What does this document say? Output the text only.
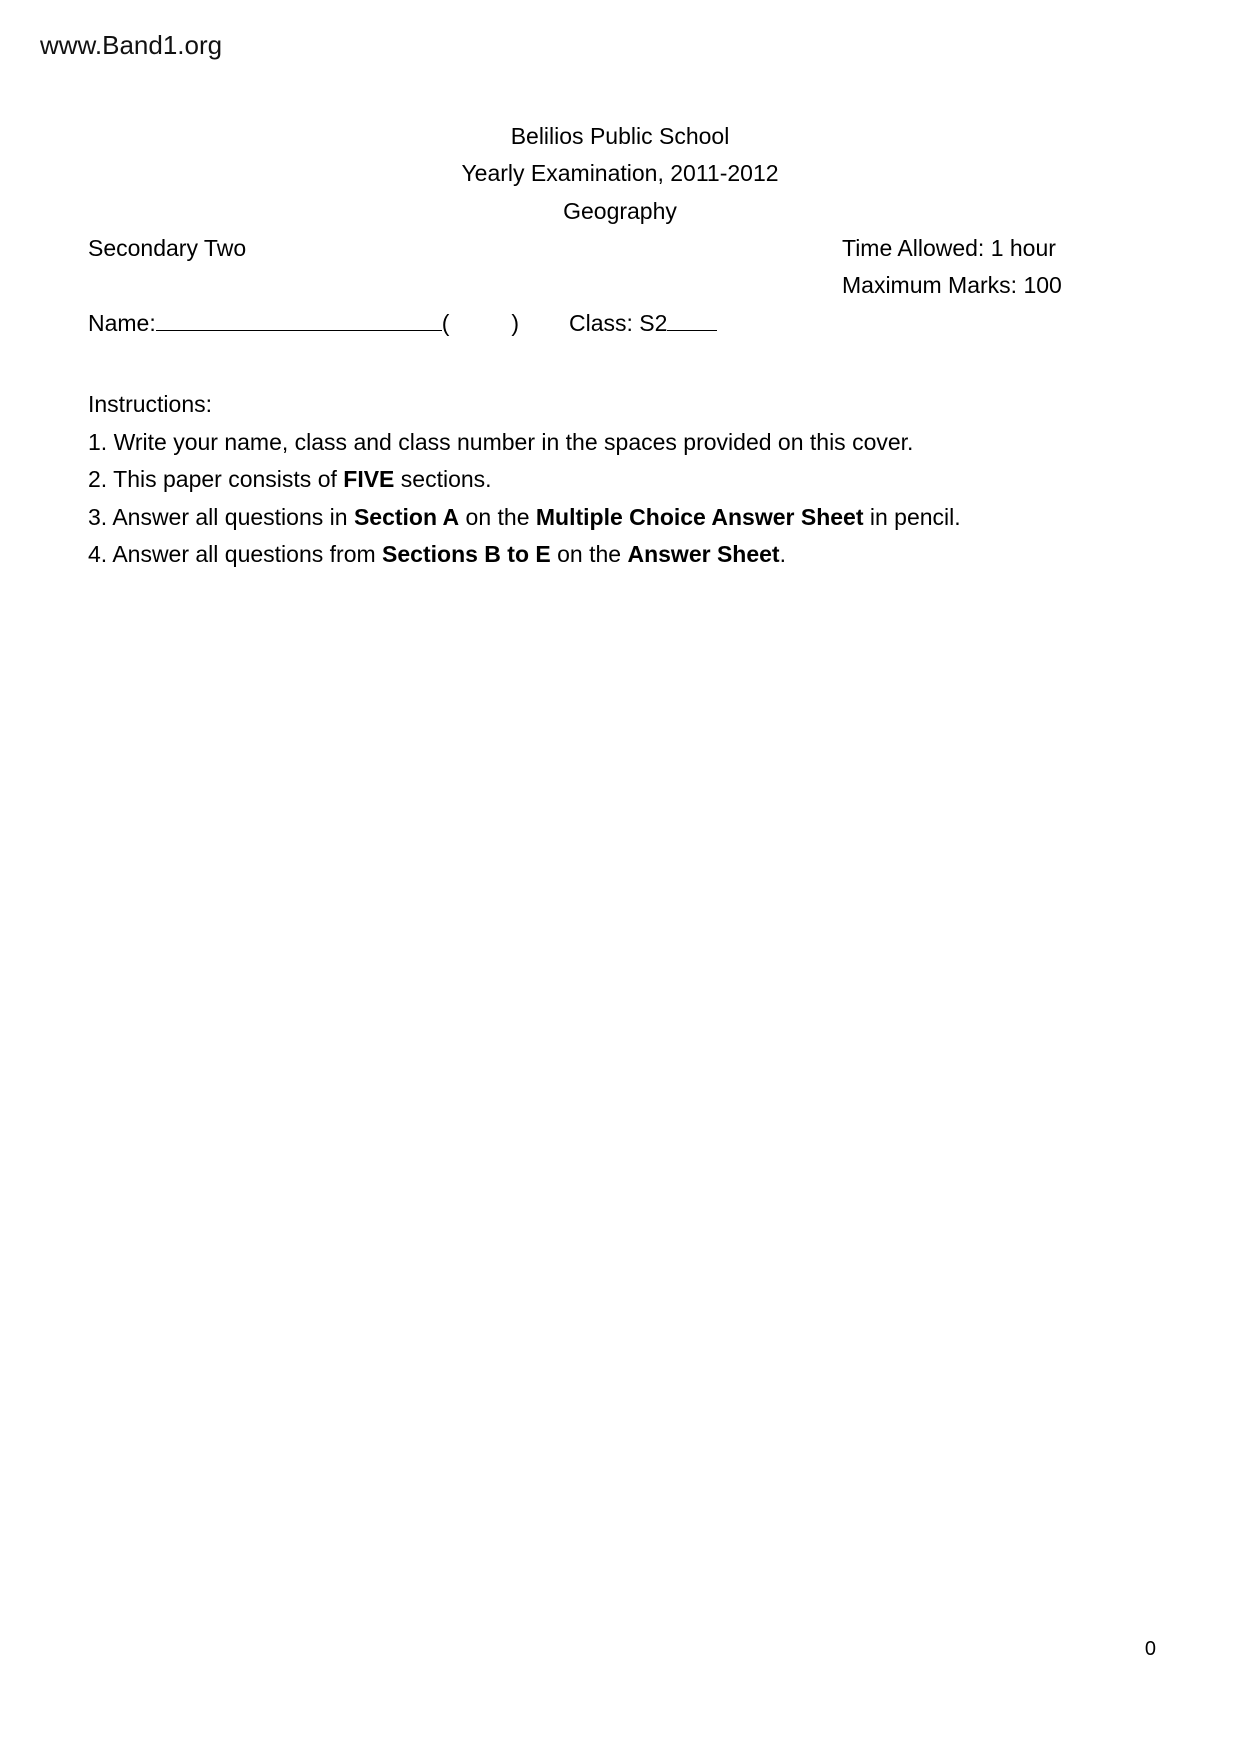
www.Band1.org
Belilios Public School
Yearly Examination, 2011-2012
Geography
Secondary Two	Time Allowed: 1 hour
Maximum Marks: 100
Name:	(	) Class: S2
Instructions:
1. Write your name, class and class number in the spaces provided on this cover.
2. This paper consists of FIVE sections.
3. Answer all questions in Section A on the Multiple Choice Answer Sheet in pencil.
4. Answer all questions from Sections B to E on the Answer Sheet.
0
